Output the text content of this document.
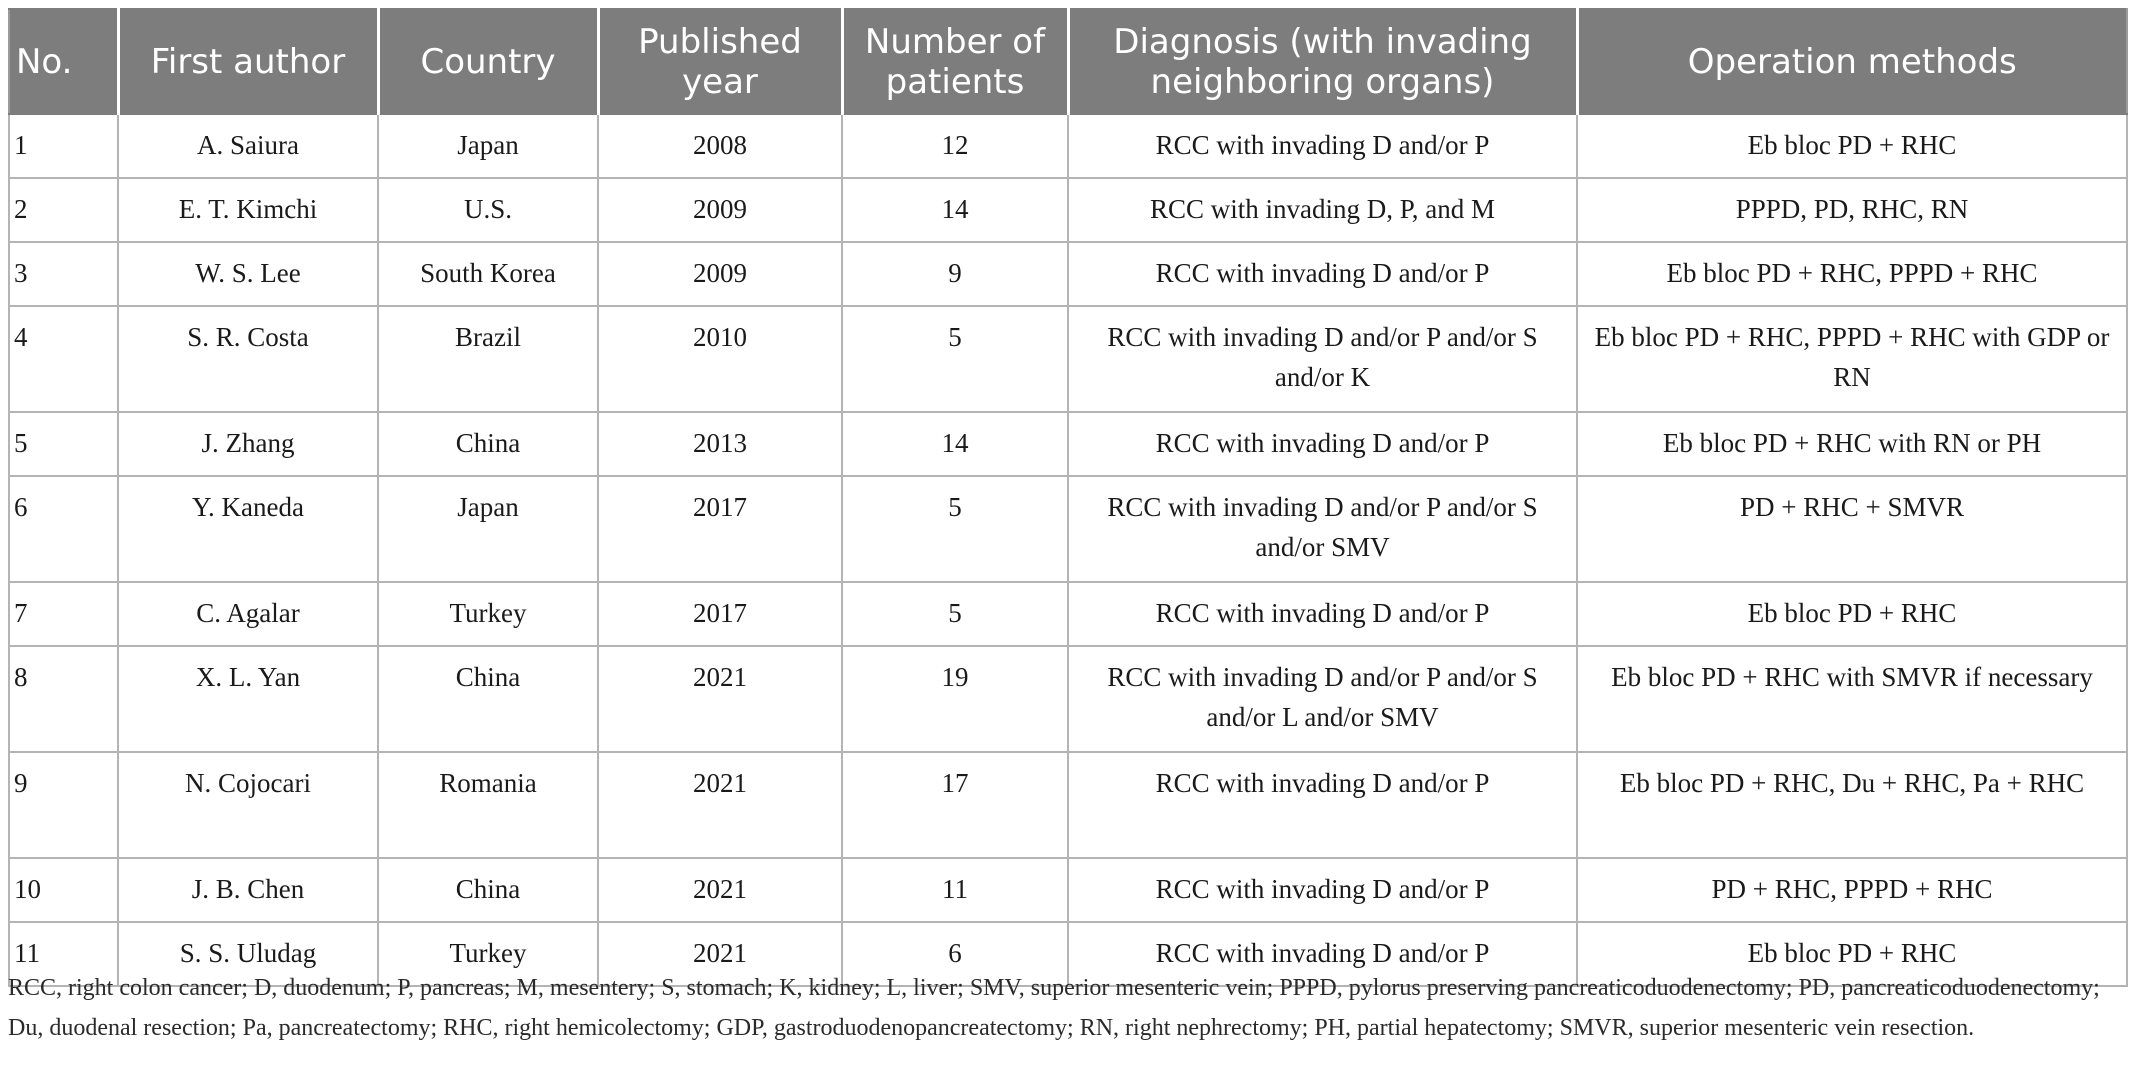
No.	First author	Country	Published year	Number of patients	Diagnosis (with invading neighboring organs)	Operation methods
1	A. Saiura	Japan	2008	12	RCC with invading D and/or P	Eb bloc PD + RHC
2	E. T. Kimchi	U.S.	2009	14	RCC with invading D, P, and M	PPPD, PD, RHC, RN
3	W. S. Lee	South Korea	2009	9	RCC with invading D and/or P	Eb bloc PD + RHC, PPPD + RHC
4	S. R. Costa	Brazil	2010	5	RCC with invading D and/or P and/or S and/or K	Eb bloc PD + RHC, PPPD + RHC with GDP or RN
5	J. Zhang	China	2013	14	RCC with invading D and/or P	Eb bloc PD + RHC with RN or PH
6	Y. Kaneda	Japan	2017	5	RCC with invading D and/or P and/or S and/or SMV	PD + RHC + SMVR
7	C. Agalar	Turkey	2017	5	RCC with invading D and/or P	Eb bloc PD + RHC
8	X. L. Yan	China	2021	19	RCC with invading D and/or P and/or S and/or L and/or SMV	Eb bloc PD + RHC with SMVR if necessary
9	N. Cojocari	Romania	2021	17	RCC with invading D and/or P	Eb bloc PD + RHC, Du + RHC, Pa + RHC
10	J. B. Chen	China	2021	11	RCC with invading D and/or P	PD + RHC, PPPD + RHC
11	S. S. Uludag	Turkey	2021	6	RCC with invading D and/or P	Eb bloc PD + RHC
RCC, right colon cancer; D, duodenum; P, pancreas; M, mesentery; S, stomach; K, kidney; L, liver; SMV, superior mesenteric vein; PPPD, pylorus preserving pancreaticoduodenectomy; PD, pancreaticoduodenectomy; Du, duodenal resection; Pa, pancreatectomy; RHC, right hemicolectomy; GDP, gastroduodenopancreatectomy; RN, right nephrectomy; PH, partial hepatectomy; SMVR, superior mesenteric vein resection.
